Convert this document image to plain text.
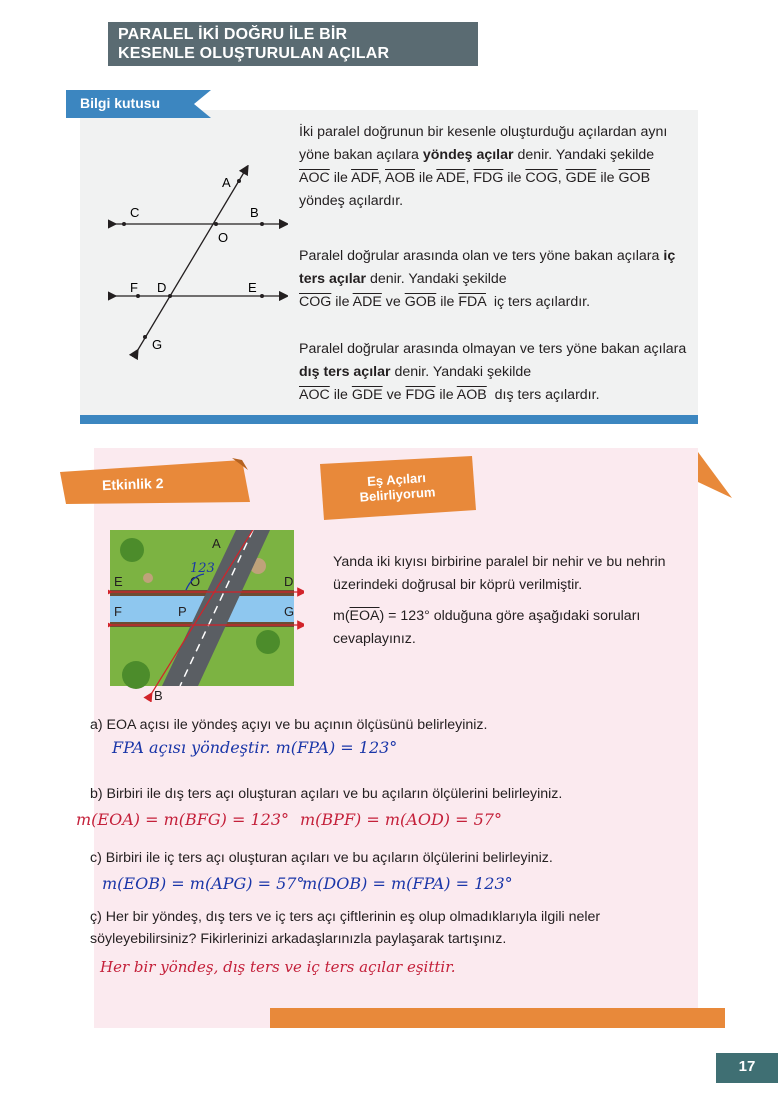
PARALEL İKİ DOĞRU İLE BİR
KESENLE OLUŞTURULAN AÇILAR
Bilgi kutusu
A
C	B
O
F D	E
G
İki paralel doğrunun bir kesenle oluşturduğu açılardan aynı yöne bakan açılara yöndeş açılar denir. Yandaki şekilde
$\overline{AOC}$ ile $\overline{ADF}$, $\overline{AOB}$ ile $\overline{ADE}$, $\overline{FDG}$ ile $\overline{COG}$, $\overline{GDE}$ ile $\overline{GOB}$
yöndeş açılardır.
Paralel doğrular arasında olan ve ters yöne bakan açılara iç ters açılar denir. Yandaki şekilde
$\overline{COG}$ ile $\overline{ADE}$ ve $\overline{GOB}$ ile $\overline{FDA}$ iç ters açılardır.
Paralel doğrular arasında olmayan ve ters yöne bakan açılara dış ters açılar denir. Yandaki şekilde
$\overline{AOC}$ ile $\overline{GDE}$ ve $\overline{FDG}$ ile $\overline{AOB}$ dış ters açılardır.
Etkinlik 2	Eş Açıları
Belirliyorum
A
E	D
F	P	G
O
123
B
Yanda iki kıyısı birbirine paralel bir nehir ve bu nehrin üzerindeki doğrusal bir köprü verilmiştir.
$m(\overline{EOA}) = 123^\circ$ olduğuna göre aşağıdaki soruları cevaplayınız.
a) EOA açısı ile yöndeş açıyı ve bu açının ölçüsünü belirleyiniz.
FPA açısı yöndeştir. m(FPA) = 123°
b) Birbiri ile dış ters açı oluşturan açıları ve bu açıların ölçülerini belirleyiniz.
m(EOA) = m(BFG) = 123° m(BPF) = m(AOD) = 57°
c) Birbiri ile iç ters açı oluşturan açıları ve bu açıların ölçülerini belirleyiniz.
m(EOB) = m(APG) = 57°
m(DOB) = m(FPA) = 123°
ç) Her bir yöndeş, dış ters ve iç ters açı çiftlerinin eş olup olmadıklarıyla ilgili neler söyleyebilirsiniz? Fikirlerinizi arkadaşlarınızla paylaşarak tartışınız.
Her bir yöndeş, dış ters ve iç ters açılar eşittir.
17
